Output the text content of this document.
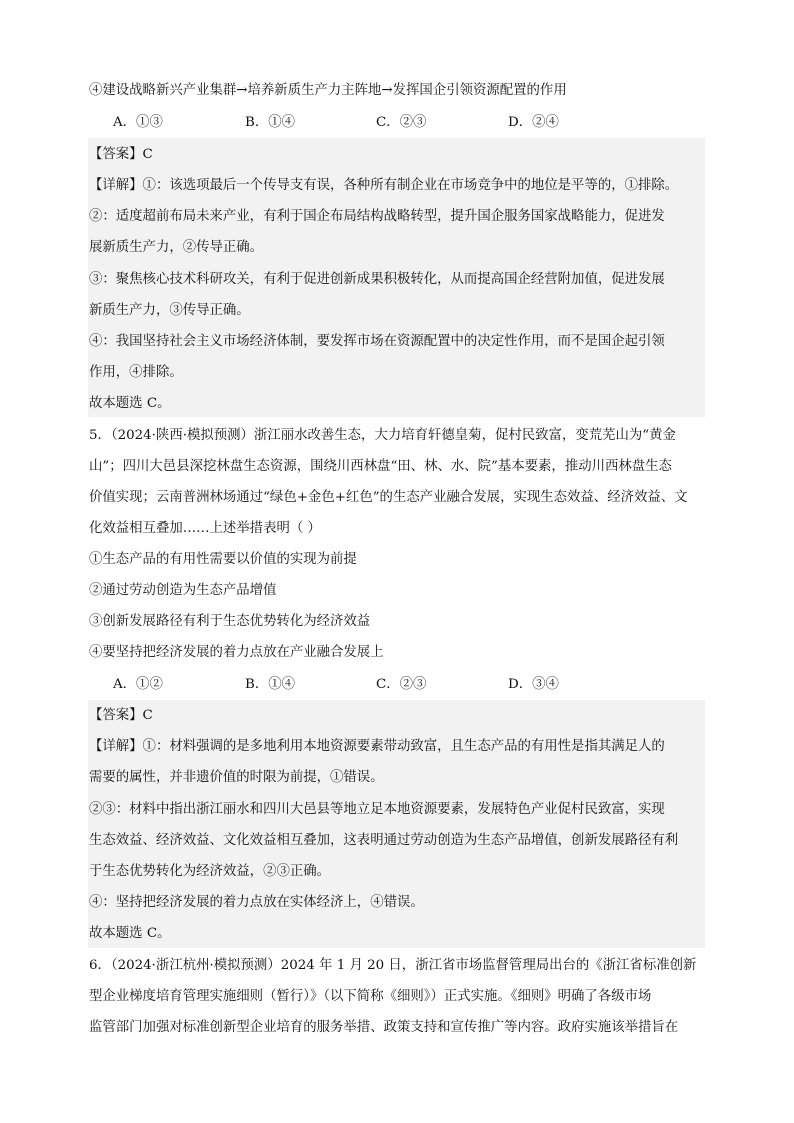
④建设战略新兴产业集群→培养新质生产力主阵地→发挥国企引领资源配置的作用
A．①③	B．①④	C．②③	D．②④
【答案】C
【详解】①：该选项最后一个传导支有误，各种所有制企业在市场竞争中的地位是平等的，①排除。
②：适度超前布局未来产业，有利于国企布局结构战略转型，提升国企服务国家战略能力，促进发
展新质生产力，②传导正确。
③：聚焦核心技术科研攻关，有利于促进创新成果积极转化，从而提高国企经营附加值，促进发展
新质生产力，③传导正确。
④：我国坚持社会主义市场经济体制，要发挥市场在资源配置中的决定性作用，而不是国企起引领
作用，④排除。
故本题选 C。
5．（2024·陕西·模拟预测）浙江丽水改善生态，大力培育轩德皇菊，促村民致富，变荒芜山为“黄金
山”；四川大邑县深挖林盘生态资源，围绕川西林盘“田、林、水、院”基本要素，推动川西林盘生态
价值实现；云南普洲林场通过“绿色+金色+红色”的生态产业融合发展，实现生态效益、经济效益、文
化效益相互叠加……上述举措表明（ ）
①生态产品的有用性需要以价值的实现为前提
②通过劳动创造为生态产品增值
③创新发展路径有利于生态优势转化为经济效益
④要坚持把经济发展的着力点放在产业融合发展上
A．①②	B．①④	C．②③	D．③④
【答案】C
【详解】①：材料强调的是多地利用本地资源要素带动致富，且生态产品的有用性是指其满足人的
需要的属性，并非遗价值的时限为前提，①错误。
②③：材料中指出浙江丽水和四川大邑县等地立足本地资源要素，发展特色产业促村民致富，实现
生态效益、经济效益、文化效益相互叠加，这表明通过劳动创造为生态产品增值，创新发展路径有利
于生态优势转化为经济效益，②③正确。
④：坚持把经济发展的着力点放在实体经济上，④错误。
故本题选 C。
6．（2024·浙江杭州·模拟预测）2024 年 1 月 20 日，浙江省市场监督管理局出台的《浙江省标准创新
型企业梯度培育管理实施细则（暂行）》（以下简称《细则》）正式实施。《细则》明确了各级市场
监管部门加强对标准创新型企业培育的服务举措、政策支持和宣传推广等内容。政府实施该举措旨在
